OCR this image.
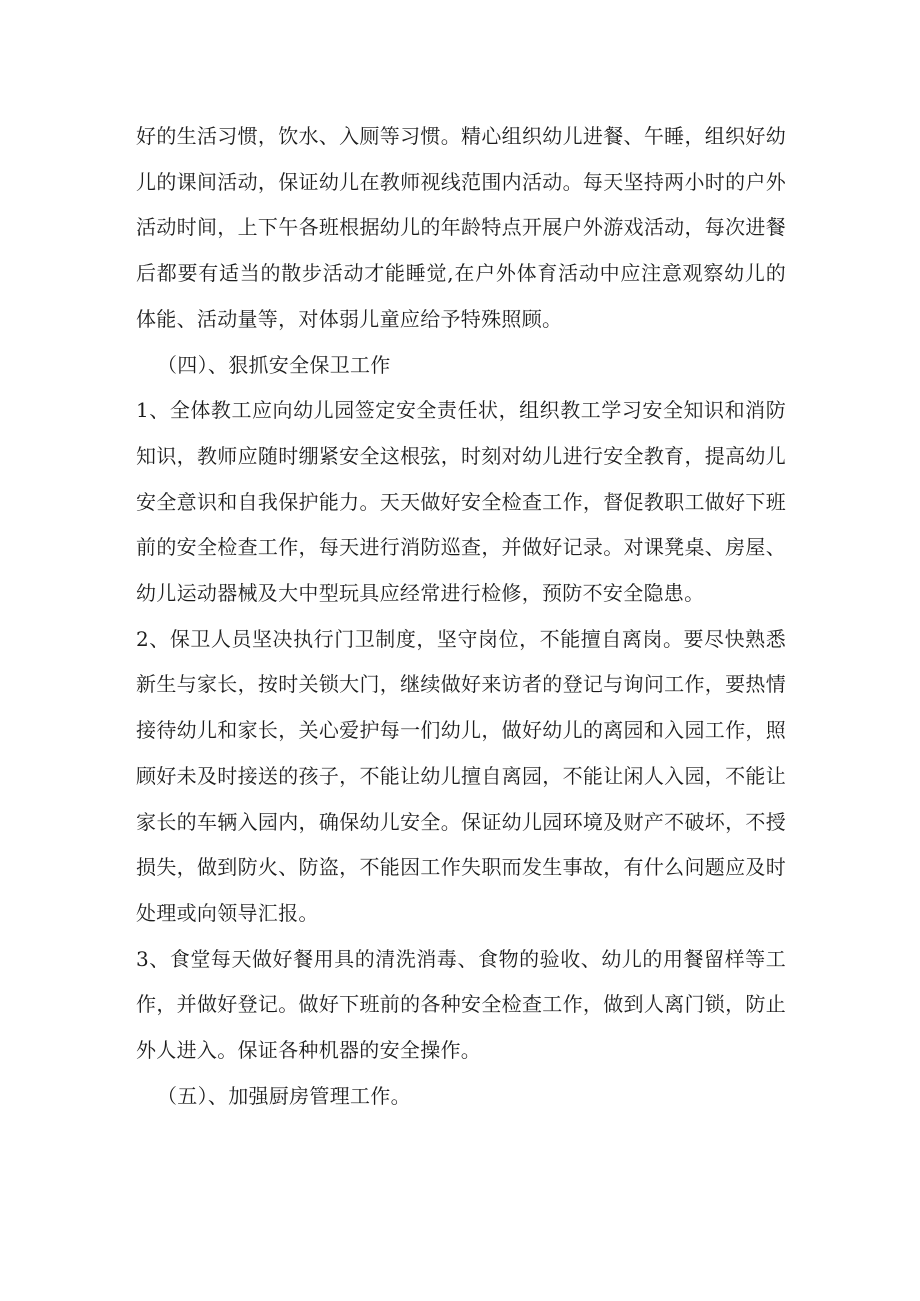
好的生活习惯，饮水、入厕等习惯。精心组织幼儿进餐、午睡，组织好幼儿的课间活动，保证幼儿在教师视线范围内活动。每天坚持两小时的户外活动时间，上下午各班根据幼儿的年龄特点开展户外游戏活动，每次进餐后都要有适当的散步活动才能睡觉,在户外体育活动中应注意观察幼儿的体能、活动量等，对体弱儿童应给予特殊照顾。

（四）、狠抓安全保卫工作

1、全体教工应向幼儿园签定安全责任状，组织教工学习安全知识和消防知识，教师应随时绷紧安全这根弦，时刻对幼儿进行安全教育，提高幼儿安全意识和自我保护能力。天天做好安全检查工作，督促教职工做好下班前的安全检查工作，每天进行消防巡查，并做好记录。对课凳桌、房屋、幼儿运动器械及大中型玩具应经常进行检修，预防不安全隐患。

2、保卫人员坚决执行门卫制度，坚守岗位，不能擅自离岗。要尽快熟悉新生与家长，按时关锁大门，继续做好来访者的登记与询问工作，要热情接待幼儿和家长，关心爱护每一们幼儿，做好幼儿的离园和入园工作，照顾好未及时接送的孩子，不能让幼儿擅自离园，不能让闲人入园，不能让家长的车辆入园内，确保幼儿安全。保证幼儿园环境及财产不破坏，不授损失，做到防火、防盗，不能因工作失职而发生事故，有什么问题应及时处理或向领导汇报。

3、食堂每天做好餐用具的清洗消毒、食物的验收、幼儿的用餐留样等工作，并做好登记。做好下班前的各种安全检查工作，做到人离门锁，防止外人进入。保证各种机器的安全操作。

（五）、加强厨房管理工作。
